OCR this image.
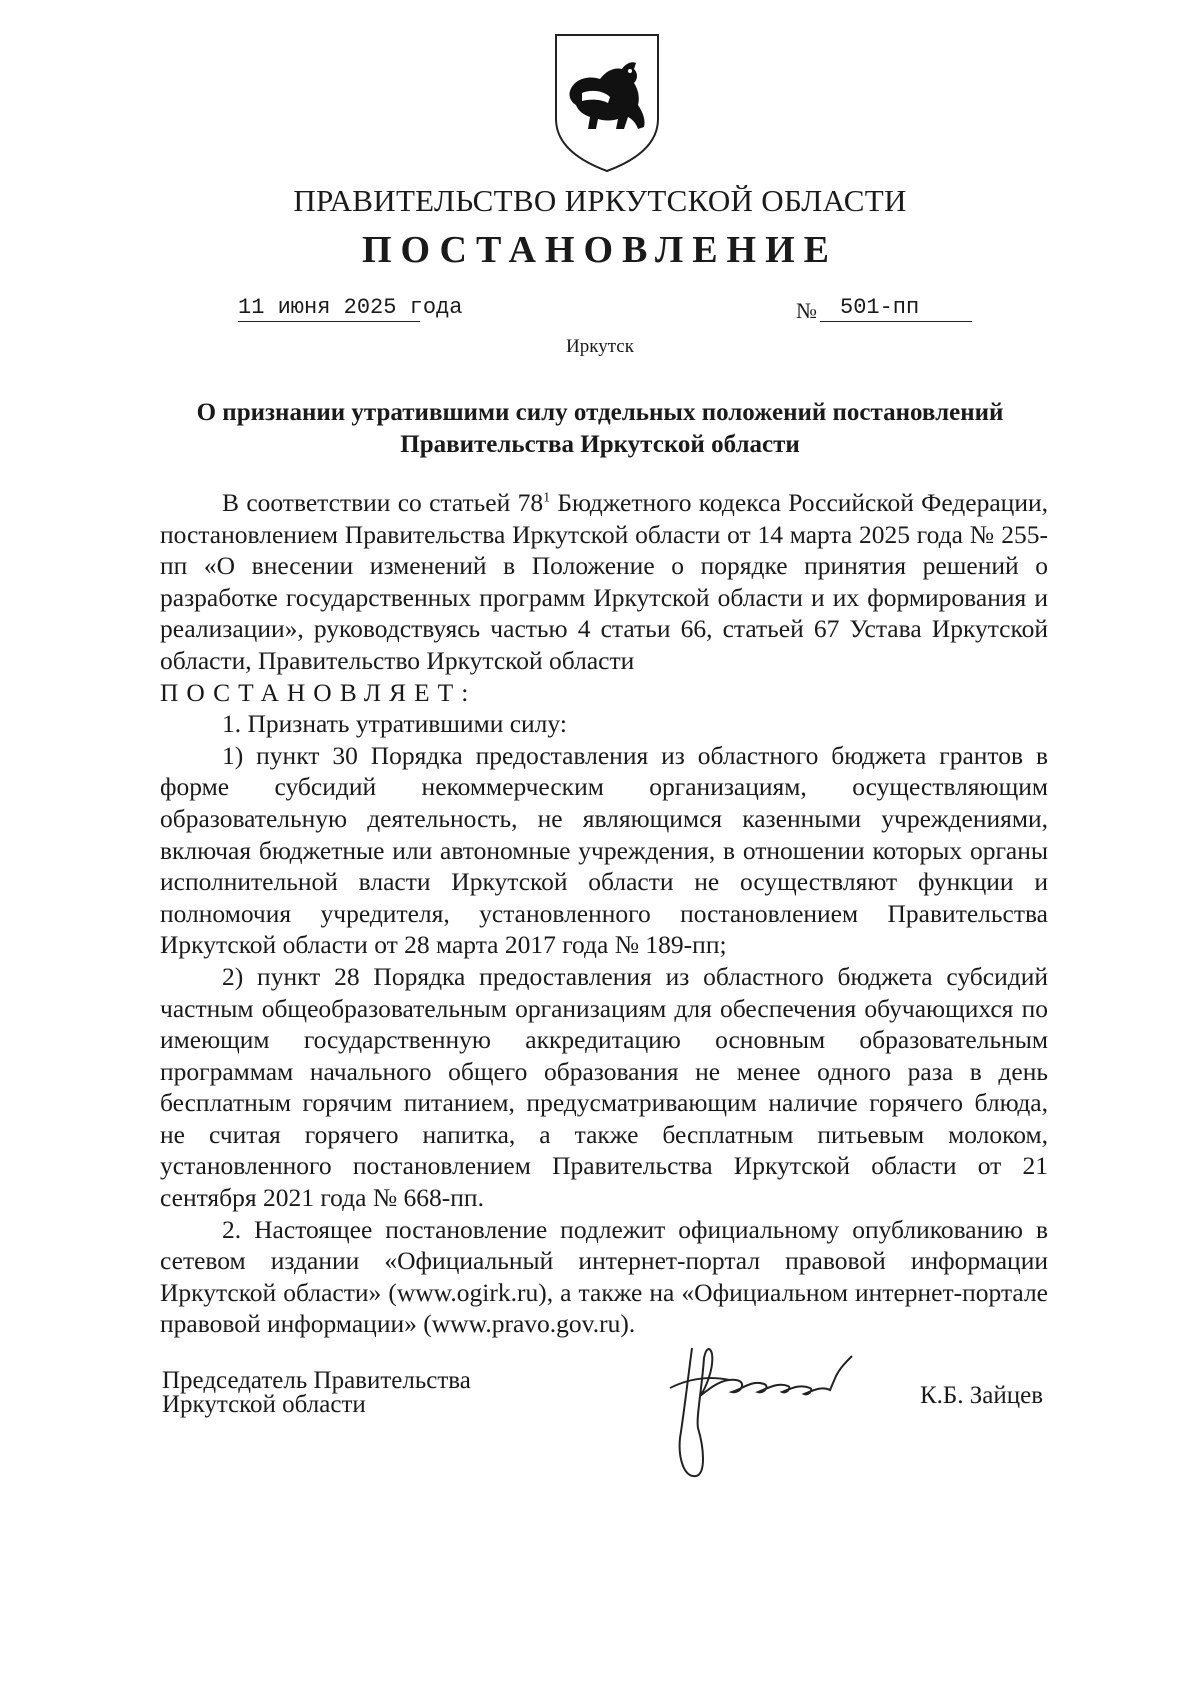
ПРАВИТЕЛЬСТВО ИРКУТСКОЙ ОБЛАСТИ
ПОСТАНОВЛЕНИЕ
11 июня 2025 года	№	501-пп
Иркутск
О признании утратившими силу отдельных положений постановлений
Правительства Иркутской области

В соответствии со статьей $78^1$ Бюджетного кодекса Российской Федерации, постановлением Правительства Иркутской области от 14 марта 2025 года № 255-пп «О внесении изменений в Положение о порядке принятия решений о разработке государственных программ Иркутской области и их формирования и реализации», руководствуясь частью 4 статьи 66, статьей 67 Устава Иркутской области, Правительство Иркутской области

ПОСТАНОВЛЯЕТ:

1. Признать утратившими силу:

1) пункт 30 Порядка предоставления из областного бюджета грантов в форме субсидий некоммерческим организациям, осуществляющим образовательную деятельность, не являющимся казенными учреждениями, включая бюджетные или автономные учреждения, в отношении которых органы исполнительной власти Иркутской области не осуществляют функции и полномочия учредителя, установленного постановлением Правительства Иркутской области от 28 марта 2017 года № 189-пп;

2) пункт 28 Порядка предоставления из областного бюджета субсидий частным общеобразовательным организациям для обеспечения обучающихся по имеющим государственную аккредитацию основным образовательным программам начального общего образования не менее одного раза в день бесплатным горячим питанием, предусматривающим наличие горячего блюда, не считая горячего напитка, а также бесплатным питьевым молоком, установленного постановлением Правительства Иркутской области от 21 сентября 2021 года № 668-пп.

2. Настоящее постановление подлежит официальному опубликованию в сетевом издании «Официальный интернет-портал правовой информации Иркутской области» (www.ogirk.ru), а также на «Официальном интернет-портале правовой информации» (www.pravo.gov.ru).

Председатель Правительства
Иркутской области	К.Б. Зайцев
